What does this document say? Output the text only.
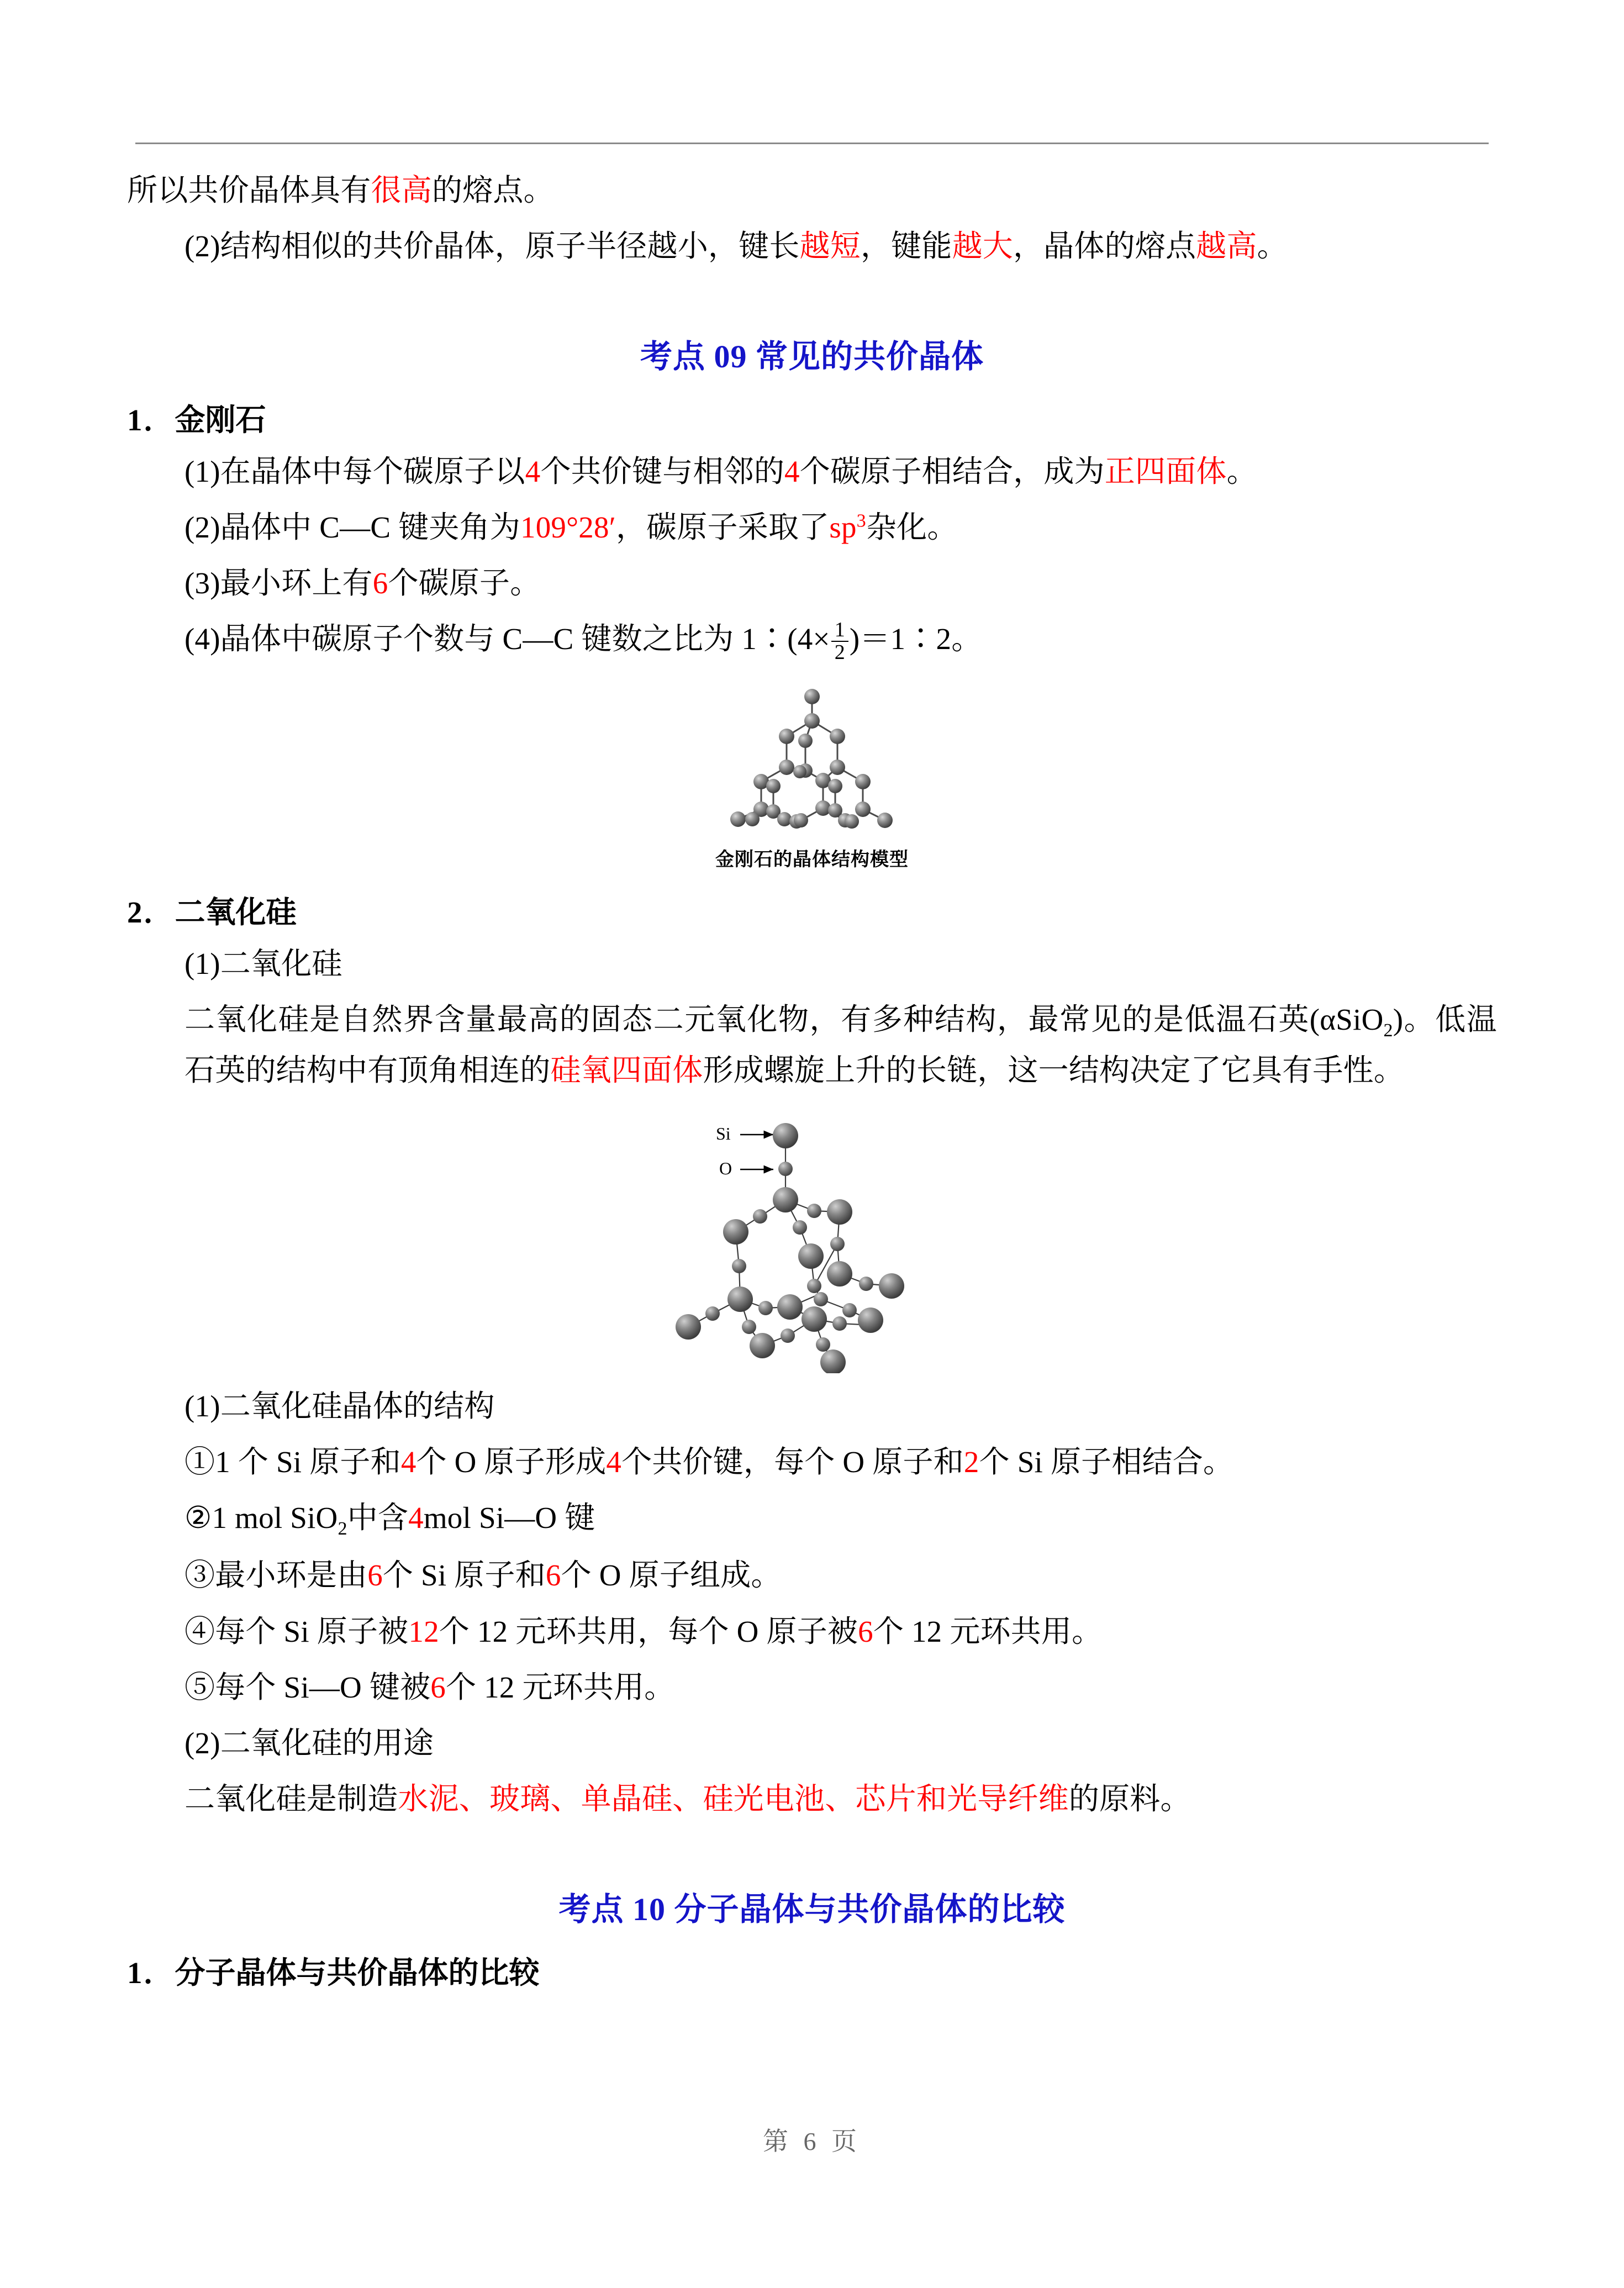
所以共价晶体具有很高的熔点。

(2)结构相似的共价晶体，原子半径越小，键长越短，键能越大，晶体的熔点越高。

考点 09 常见的共价晶体
1．金刚石

(1)在晶体中每个碳原子以4个共价键与相邻的4个碳原子相结合，成为正四面体。

(2)晶体中 C—C 键夹角为109°28′，碳原子采取了$sp^3$杂化。

(3)最小环上有6个碳原子。

(4)晶体中碳原子个数与 C—C 键数之比为 1∶(4× $\frac{1}{2}$ )＝1∶2。

金刚石的晶体结构模型
2．二氧化硅

(1)二氧化硅

二氧化硅是自然界含量最高的固态二元氧化物，有多种结构，最常见的是低温石英(αSiO$_2$)。低温石英的结构中有顶角相连的硅氧四面体形成螺旋上升的长链，这一结构决定了它具有手性。

Si
O

(1)二氧化硅晶体的结构

①1 个 Si 原子和4个 O 原子形成4个共价键，每个 O 原子和2个 Si 原子相结合。

②1 mol SiO$_2$中含4mol Si—O 键

③最小环是由6个 Si 原子和6个 O 原子组成。

④每个 Si 原子被12个 12 元环共用，每个 O 原子被6个 12 元环共用。

⑤每个 Si—O 键被6个 12 元环共用。

(2)二氧化硅的用途

二氧化硅是制造水泥、玻璃、单晶硅、硅光电池、芯片和光导纤维的原料。

考点 10 分子晶体与共价晶体的比较
1．分子晶体与共价晶体的比较
第 6 页
